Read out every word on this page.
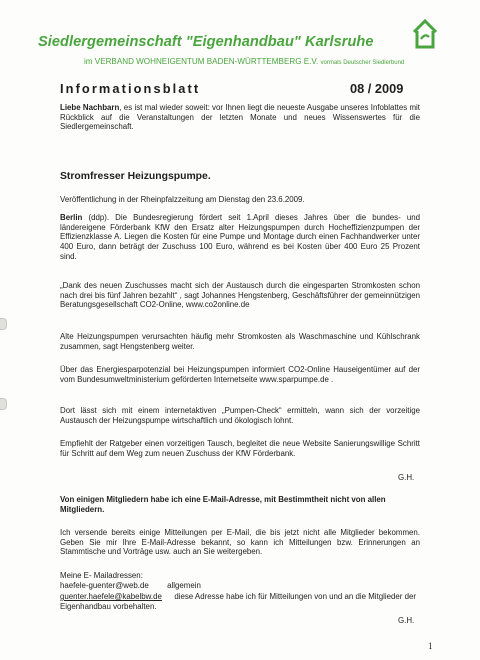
Siedlergemeinschaft "Eigenhandbau" Karlsruhe
im VERBAND WOHNEIGENTUM BADEN-WÜRTTEMBERG E.V. vormals Deutscher Siedlerbund
Informationsblatt	08 / 2009
Liebe Nachbarn, es ist mal wieder soweit: vor Ihnen liegt die neueste Ausgabe unseres Infoblattes mit Rückblick auf die Veranstaltungen der letzten Monate und neues Wissenswertes für die Siedlergemeinschaft.
Stromfresser Heizungspumpe.
Veröffentlichung in der Rheinpfalzzeitung am Dienstag den 23.6.2009.
Berlin (ddp). Die Bundesregierung fördert seit 1.April dieses Jahres über die bundes- und ländereigene Förderbank KfW den Ersatz alter Heizungspumpen durch Hocheffizienzpumpen der Effizienzklasse A. Liegen die Kosten für eine Pumpe und Montage durch einen Fachhandwerker unter 400 Euro, dann beträgt der Zuschuss 100 Euro, während es bei Kosten über 400 Euro 25 Prozent sind.
„Dank des neuen Zuschusses macht sich der Austausch durch die eingesparten Stromkosten schon nach drei bis fünf Jahren bezahlt“ , sagt Johannes Hengstenberg, Geschäftsführer der gemeinnützigen Beratungsgesellschaft CO2-Online, www.co2online.de
Alte Heizungspumpen verursachten häufig mehr Stromkosten als Waschmaschine und Kühlschrank zusammen, sagt Hengstenberg weiter.
Über das Energiesparpotenzial bei Heizungspumpen informiert CO2-Online Hauseigentümer auf der vom Bundesumweltministerium geförderten Internetseite www.sparpumpe.de .
Dort lässt sich mit einem internetaktiven „Pumpen-Check“ ermitteln, wann sich der vorzeitige Austausch der Heizungspumpe wirtschaftlich und ökologisch lohnt.
Empfiehlt der Ratgeber einen vorzeitigen Tausch, begleitet die neue Website Sanierungswillige Schritt für Schritt auf dem Weg zum neuen Zuschuss der KfW Förderbank.
G.H.
Von einigen Mitgliedern habe ich eine E-Mail-Adresse, mit Bestimmtheit nicht von allen Mitgliedern.
Ich versende bereits einige Mitteilungen per E-Mail, die bis jetzt nicht alle Mitglieder bekommen. Geben Sie mir Ihre E-Mail-Adresse bekannt, so kann ich Mitteilungen bzw. Erinnerungen an Stammtische und Vorträge usw. auch an Sie weitergeben.
Meine E- Mailadressen:
haefele-guenter@web.de allgemein
guenter.haefele@kabelbw.de diese Adresse habe ich für Mitteilungen von und an die Mitglieder der Eigenhandbau vorbehalten.
G.H.
1
